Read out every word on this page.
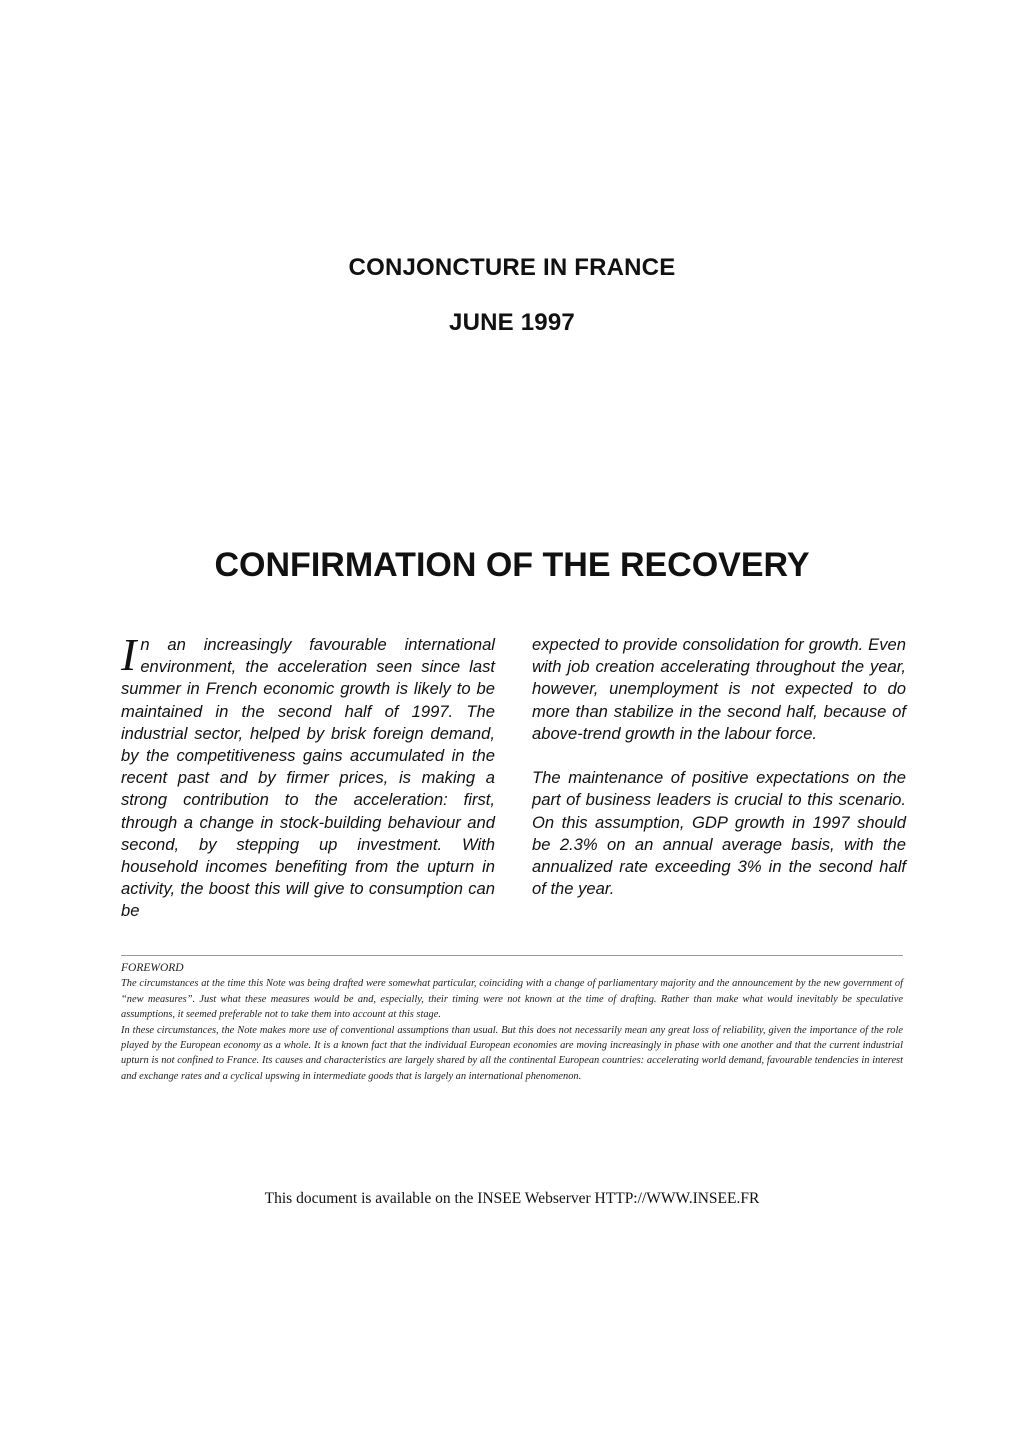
CONJONCTURE IN FRANCE
JUNE 1997
CONFIRMATION OF THE RECOVERY

In an increasingly favourable international environment, the acceleration seen since last summer in French economic growth is likely to be maintained in the second half of 1997. The industrial sector, helped by brisk foreign demand, by the competitiveness gains accumulated in the recent past and by firmer prices, is making a strong contribution to the acceleration: first, through a change in stock-building behaviour and second, by stepping up investment. With household incomes benefiting from the upturn in activity, the boost this will give to consumption can be

expected to provide consolidation for growth. Even with job creation accelerating throughout the year, however, unemployment is not expected to do more than stabilize in the second half, because of above-trend growth in the labour force.

The maintenance of positive expectations on the part of business leaders is crucial to this scenario. On this assumption, GDP growth in 1997 should be 2.3% on an annual average basis, with the annualized rate exceeding 3% in the second half of the year.

FOREWORD

The circumstances at the time this Note was being drafted were somewhat particular, coinciding with a change of parliamentary majority and the announcement by the new government of “new measures”. Just what these measures would be and, especially, their timing were not known at the time of drafting. Rather than make what would inevitably be speculative assumptions, it seemed preferable not to take them into account at this stage.

In these circumstances, the Note makes more use of conventional assumptions than usual. But this does not necessarily mean any great loss of reliability, given the importance of the role played by the European economy as a whole. It is a known fact that the individual European economies are moving increasingly in phase with one another and that the current industrial upturn is not confined to France. Its causes and characteristics are largely shared by all the continental European countries: accelerating world demand, favourable tendencies in interest and exchange rates and a cyclical upswing in intermediate goods that is largely an international phenomenon.

This document is available on the INSEE Webserver HTTP://WWW.INSEE.FR
